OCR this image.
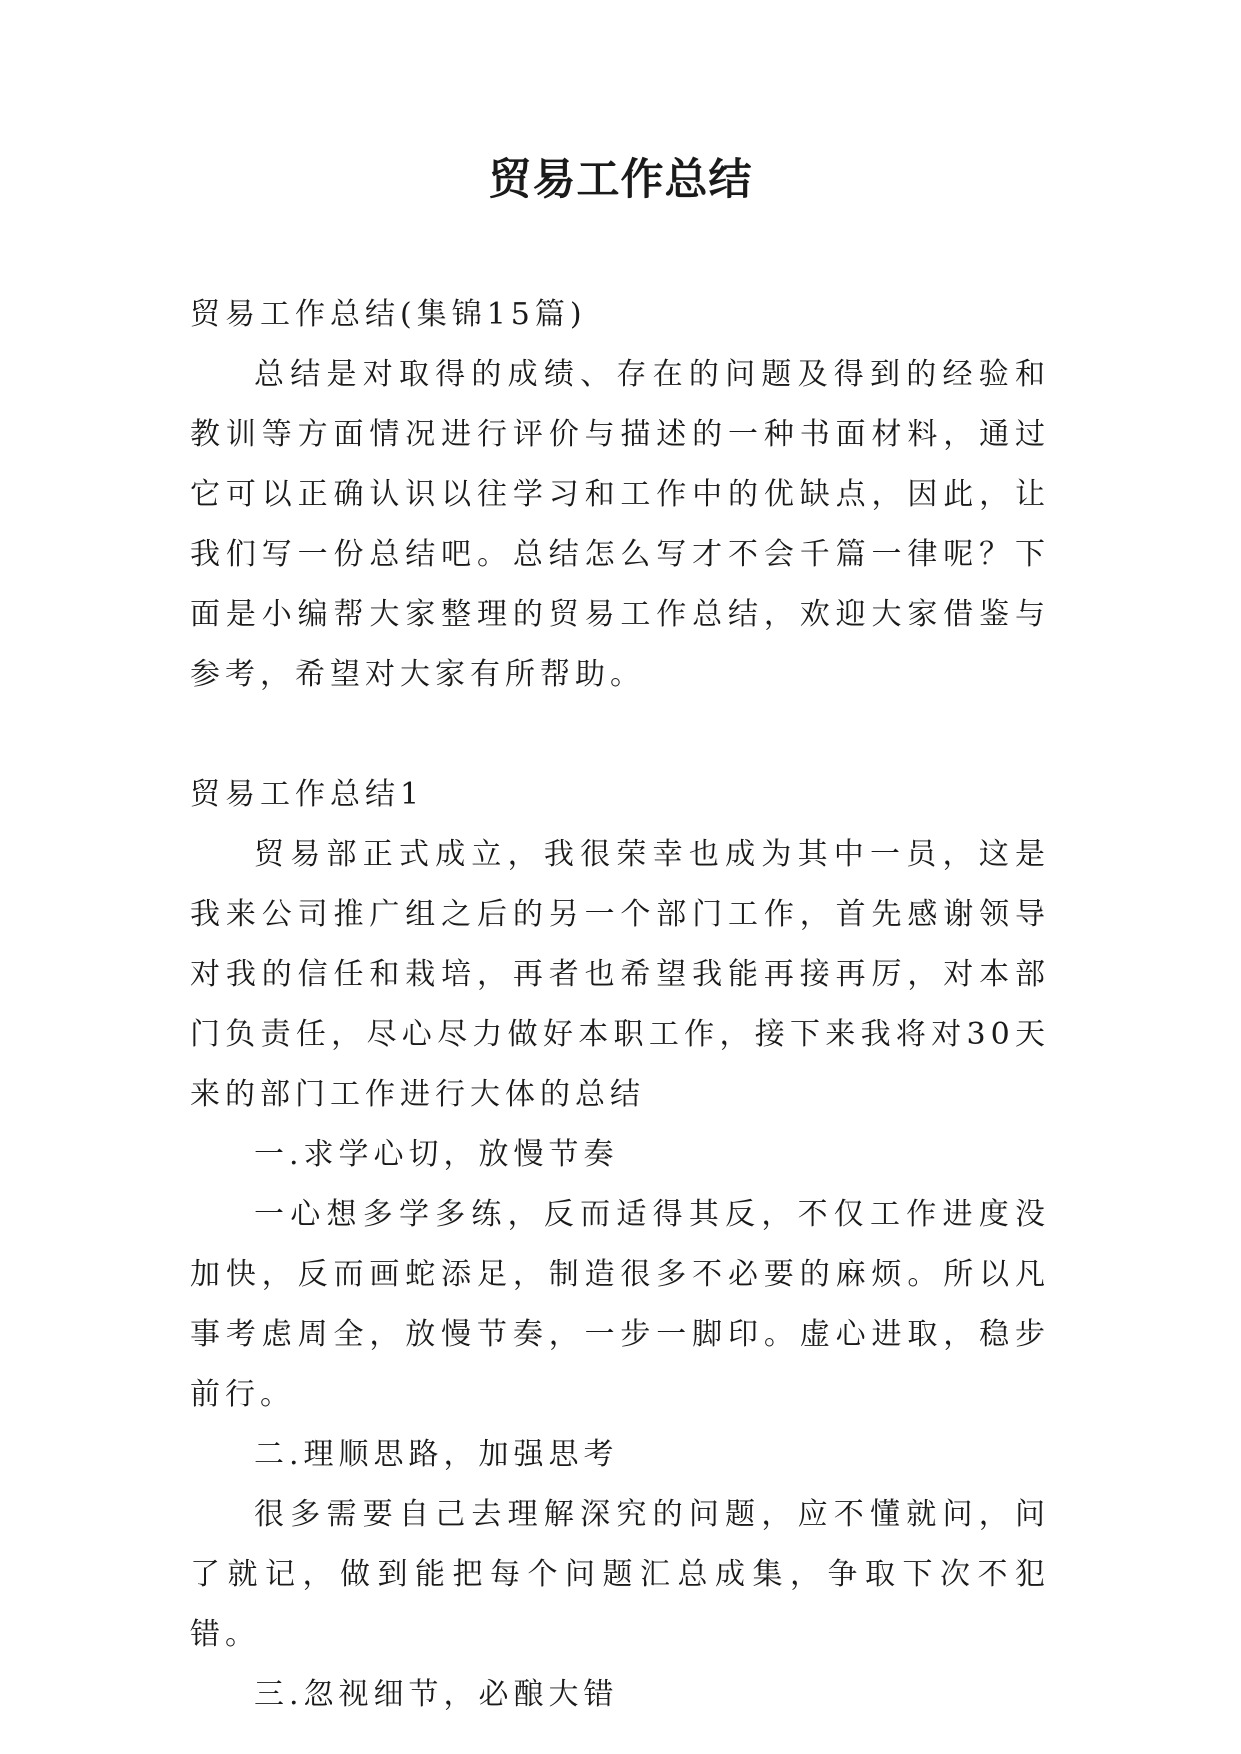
贸易工作总结
贸易工作总结(集锦15篇)
总结是对取得的成绩、存在的问题及得到的经验和教训等方面情况进行评价与描述的一种书面材料，通过它可以正确认识以往学习和工作中的优缺点，因此，让我们写一份总结吧。总结怎么写才不会千篇一律呢？下面是小编帮大家整理的贸易工作总结，欢迎大家借鉴与参考，希望对大家有所帮助。
贸易工作总结1
贸易部正式成立，我很荣幸也成为其中一员，这是我来公司推广组之后的另一个部门工作，首先感谢领导对我的信任和栽培，再者也希望我能再接再厉，对本部门负责任，尽心尽力做好本职工作，接下来我将对30天来的部门工作进行大体的总结
一.求学心切，放慢节奏
一心想多学多练，反而适得其反，不仅工作进度没加快，反而画蛇添足，制造很多不必要的麻烦。所以凡事考虑周全，放慢节奏，一步一脚印。虚心进取，稳步前行。
二.理顺思路，加强思考
很多需要自己去理解深究的问题，应不懂就问，问了就记，做到能把每个问题汇总成集，争取下次不犯错。
三.忽视细节，必酿大错
